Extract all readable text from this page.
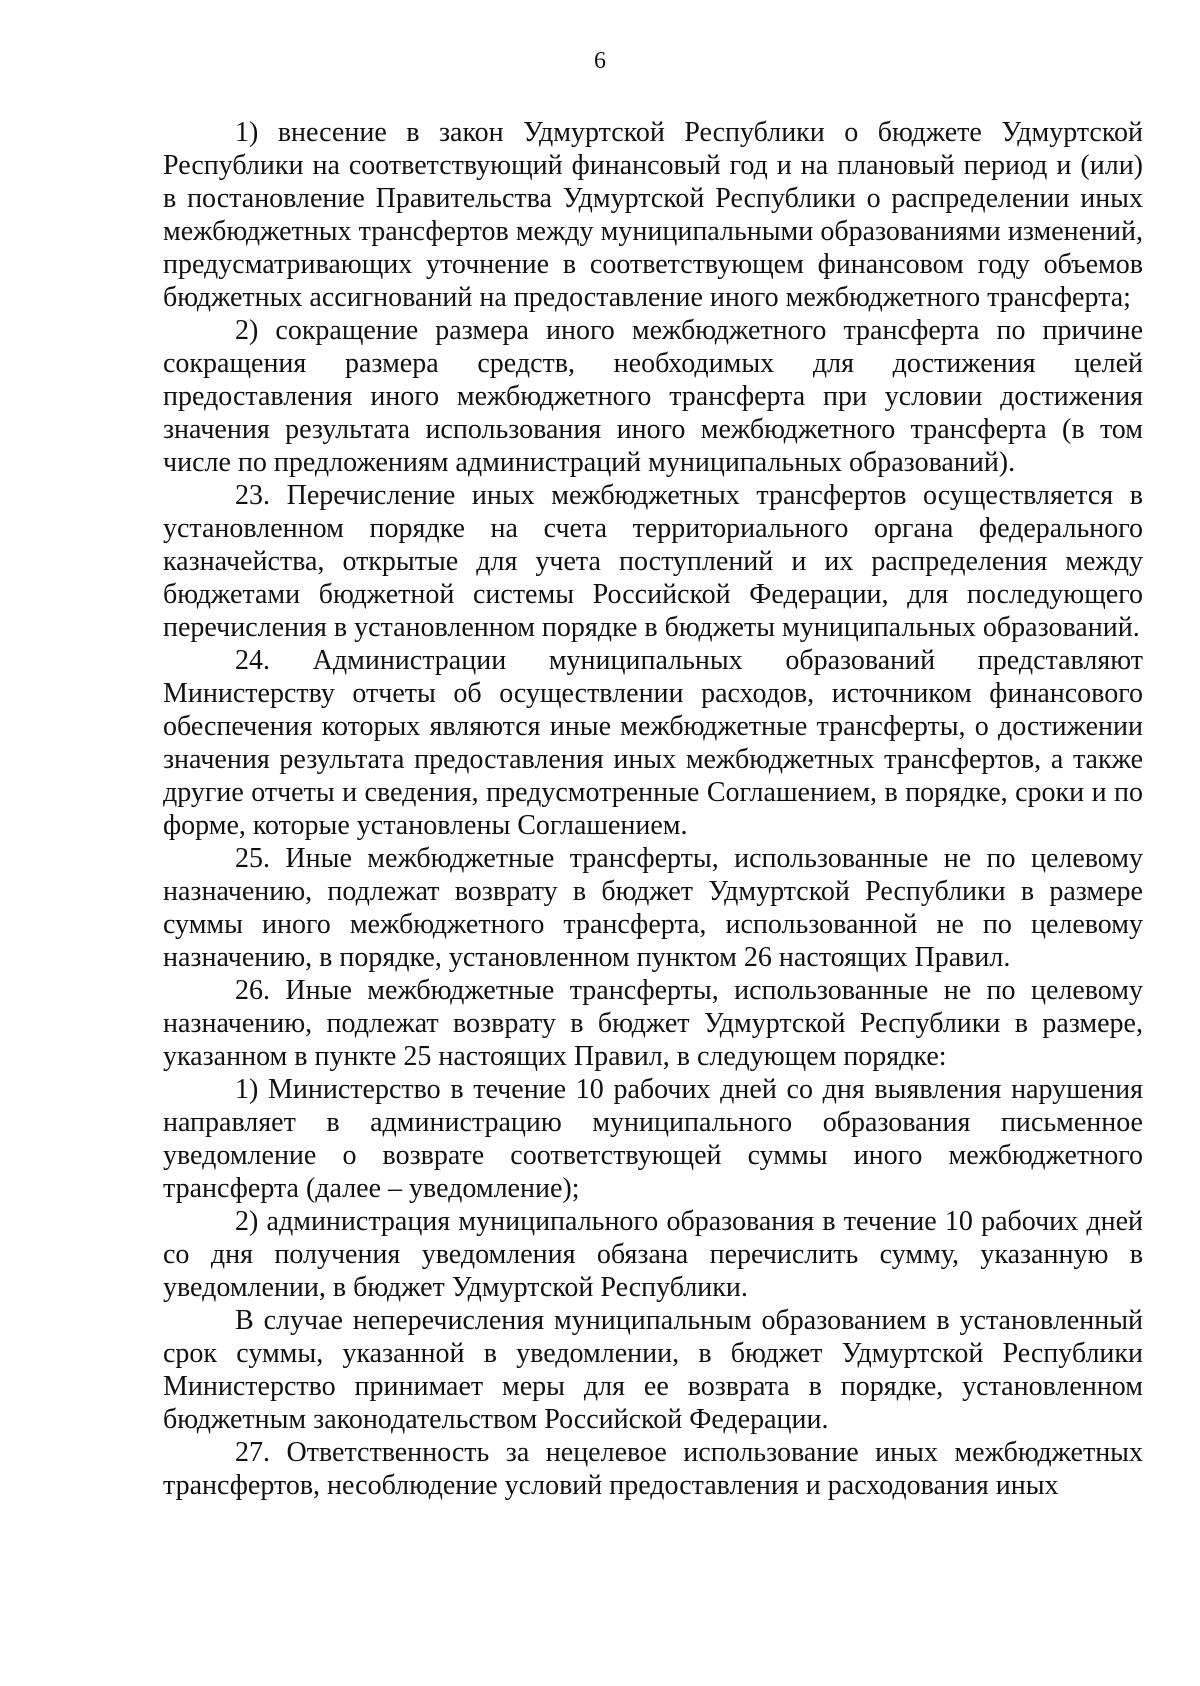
6

1) внесение в закон Удмуртской Республики о бюджете Удмуртской Республики на соответствующий финансовый год и на плановый период и (или) в постановление Правительства Удмуртской Республики о распределении иных межбюджетных трансфертов между муниципальными образованиями изменений, предусматривающих уточнение в соответствующем финансовом году объемов бюджетных ассигнований на предоставление иного межбюджетного трансферта;

2) сокращение размера иного межбюджетного трансферта по причине сокращения размера средств, необходимых для достижения целей предоставления иного межбюджетного трансферта при условии достижения значения результата использования иного межбюджетного трансферта (в том числе по предложениям администраций муниципальных образований).

23. Перечисление иных межбюджетных трансфертов осуществляется в установленном порядке на счета территориального органа федерального казначейства, открытые для учета поступлений и их распределения между бюджетами бюджетной системы Российской Федерации, для последующего перечисления в установленном порядке в бюджеты муниципальных образований.

24. Администрации муниципальных образований представляют Министерству отчеты об осуществлении расходов, источником финансового обеспечения которых являются иные межбюджетные трансферты, о достижении значения результата предоставления иных межбюджетных трансфертов, а также другие отчеты и сведения, предусмотренные Соглашением, в порядке, сроки и по форме, которые установлены Соглашением.

25. Иные межбюджетные трансферты, использованные не по целевому назначению, подлежат возврату в бюджет Удмуртской Республики в размере суммы иного межбюджетного трансферта, использованной не по целевому назначению, в порядке, установленном пунктом 26 настоящих Правил.

26. Иные межбюджетные трансферты, использованные не по целевому назначению, подлежат возврату в бюджет Удмуртской Республики в размере, указанном в пункте 25 настоящих Правил, в следующем порядке:

1) Министерство в течение 10 рабочих дней со дня выявления нарушения направляет в администрацию муниципального образования письменное уведомление о возврате соответствующей суммы иного межбюджетного трансферта (далее – уведомление);

2) администрация муниципального образования в течение 10 рабочих дней со дня получения уведомления обязана перечислить сумму, указанную в уведомлении, в бюджет Удмуртской Республики.

В случае неперечисления муниципальным образованием в установленный срок суммы, указанной в уведомлении, в бюджет Удмуртской Республики Министерство принимает меры для ее возврата в порядке, установленном бюджетным законодательством Российской Федерации.

27. Ответственность за нецелевое использование иных межбюджетных трансфертов, несоблюдение условий предоставления и расходования иных
